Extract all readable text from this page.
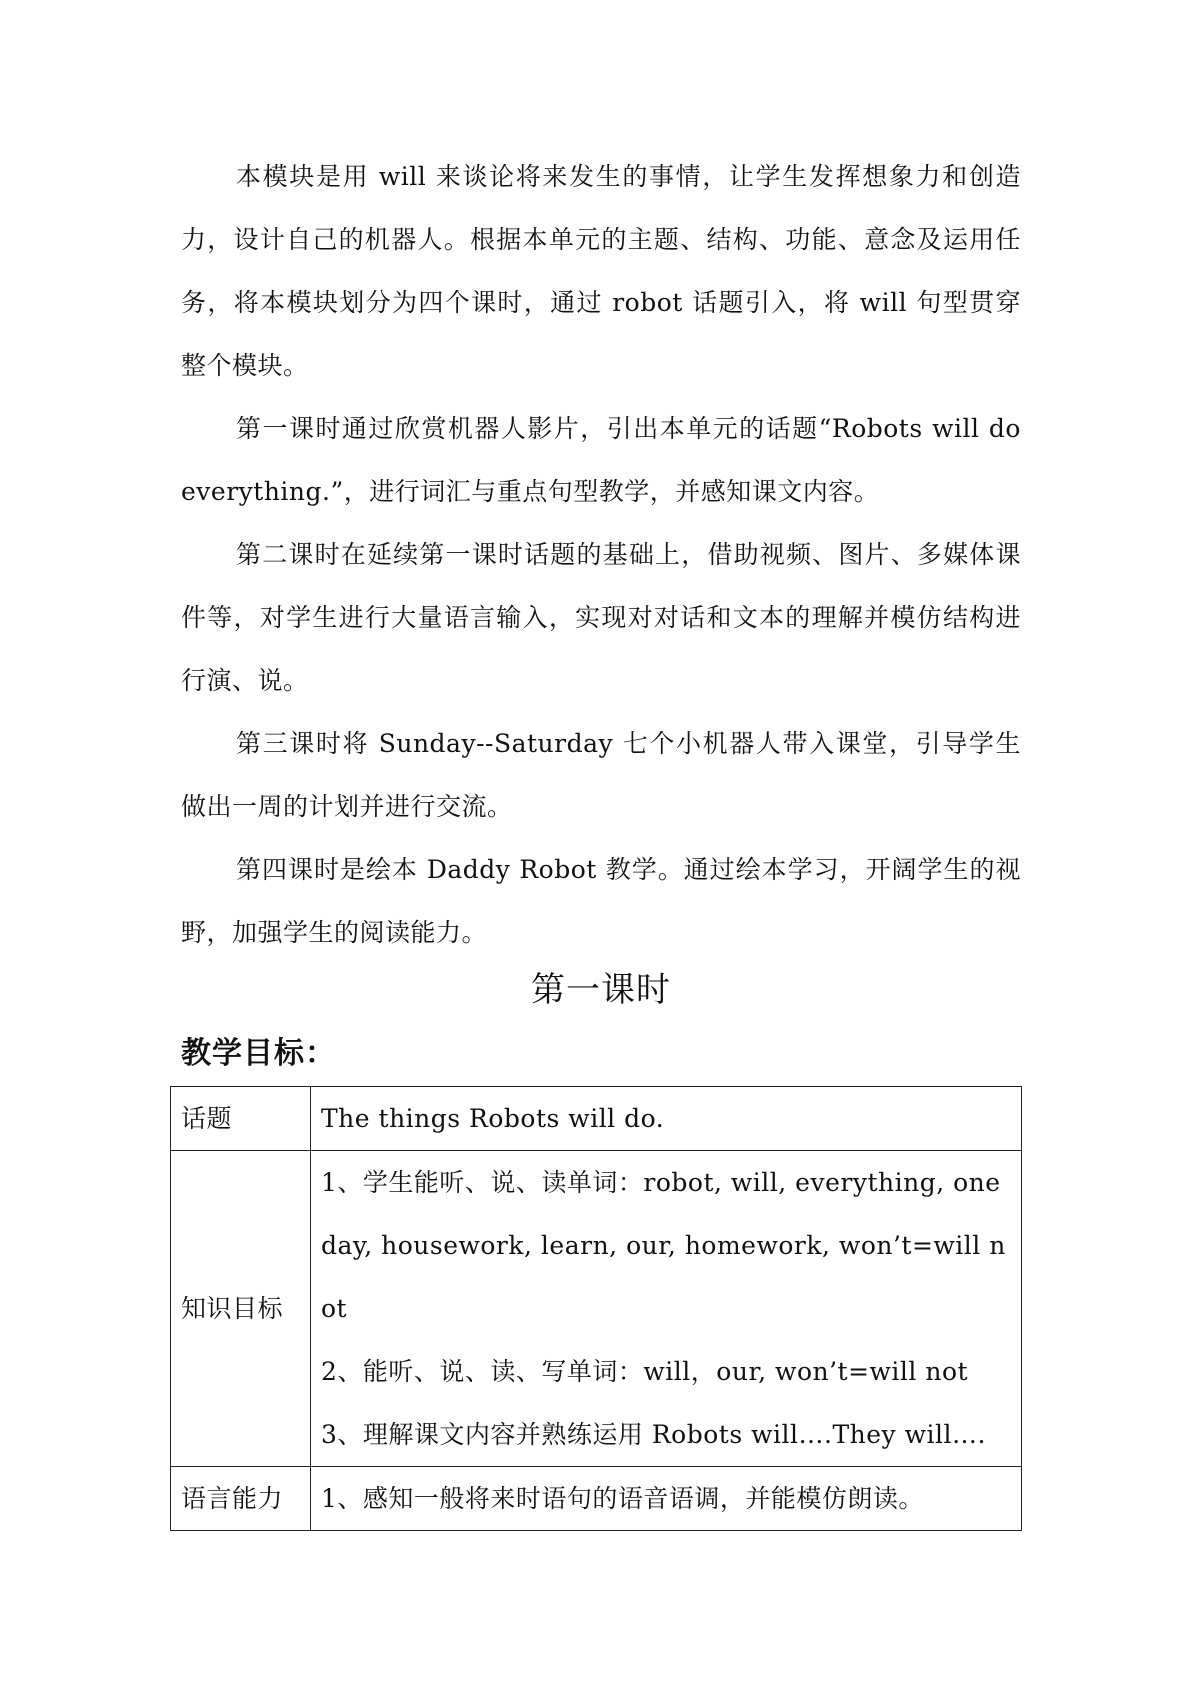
本模块是用 will 来谈论将来发生的事情，让学生发挥想象力和创造力，设计自己的机器人。根据本单元的主题、结构、功能、意念及运用任务，将本模块划分为四个课时，通过 robot 话题引入，将 will 句型贯穿整个模块。

第一课时通过欣赏机器人影片，引出本单元的话题“Robots will do everything.”，进行词汇与重点句型教学，并感知课文内容。

第二课时在延续第一课时话题的基础上，借助视频、图片、多媒体课件等，对学生进行大量语言输入，实现对对话和文本的理解并模仿结构进行演、说。

第三课时将 Sunday--Saturday 七个小机器人带入课堂，引导学生做出一周的计划并进行交流。

第四课时是绘本 Daddy Robot 教学。通过绘本学习，开阔学生的视野，加强学生的阅读能力。

第一课时
教学目标：
话题	The things Robots will do.

知识目标	1、学生能听、说、读单词：robot, will, everything, one day, housework, learn, our, homework, won’t=will not
2、能听、说、读、写单词：will，our, won’t=will not
3、理解课文内容并熟练运用 Robots will….They will….

语言能力	1、感知一般将来时语句的语音语调，并能模仿朗读。
